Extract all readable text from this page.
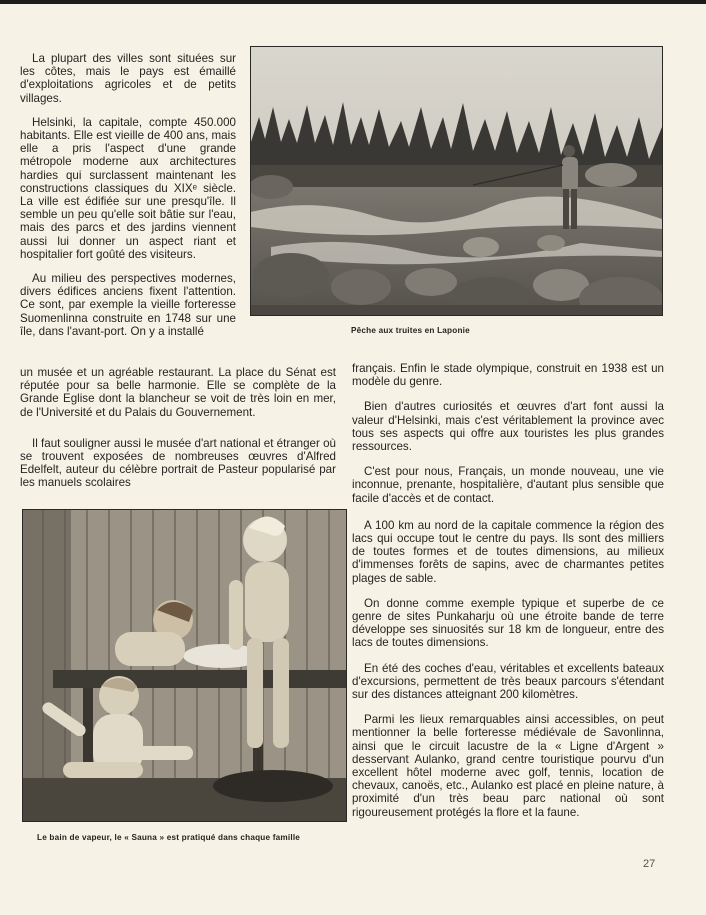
La plupart des villes sont situées sur les côtes, mais le pays est émaillé d'exploitations agricoles et de petits villages.

Helsinki, la capitale, compte 450.000 habitants. Elle est vieille de 400 ans, mais elle a pris l'aspect d'une grande métropole moderne aux architectures hardies qui surclassent maintenant les constructions classiques du XIXᵉ siècle. La ville est édifiée sur une presqu'île. Il semble un peu qu'elle soit bâtie sur l'eau, mais des parcs et des jardins viennent aussi lui donner un aspect riant et hospitalier fort goûté des visiteurs.

Au milieu des perspectives modernes, divers édifices anciens fixent l'attention. Ce sont, par exemple la vieille forteresse Suomenlinna construite en 1748 sur une île, dans l'avant-port. On y a installé	Pêche aux truites en Laponie

un musée et un agréable restaurant. La place du Sénat est réputée pour sa belle harmonie. Elle se complète de la Grande Eglise dont la blancheur se voit de très loin en mer, de l'Université et du Palais du Gouvernement.

Il faut souligner aussi le musée d'art national et étranger où se trouvent exposées de nombreuses œuvres d'Alfred Edelfelt, auteur du célèbre portrait de Pasteur popularisé par les manuels scolaires

français. Enfin le stade olympique, construit en 1938 est un modèle du genre.

Bien d'autres curiosités et œuvres d'art font aussi la valeur d'Helsinki, mais c'est véritablement la province avec tous ses aspects qui offre aux touristes les plus grandes ressources.

C'est pour nous, Français, un monde nouveau, une vie inconnue, prenante, hospitalière, d'autant plus sensible que facile d'accès et de contact.

A 100 km au nord de la capitale commence la région des lacs qui occupe tout le centre du pays. Ils sont des milliers de toutes formes et de toutes dimensions, au milieux d'immenses forêts de sapins, avec de charmantes petites plages de sable.

On donne comme exemple typique et superbe de ce genre de sites Punkaharju où une étroite bande de terre développe ses sinuosités sur 18 km de longueur, entre des lacs de toutes dimensions.

En été des coches d'eau, véritables et excellents bateaux d'excursions, permettent de très beaux parcours s'étendant sur des distances atteignant 200 kilomètres.

Parmi les lieux remarquables ainsi accessibles, on peut mentionner la belle forteresse médiévale de Savonlinna, ainsi que le circuit lacustre de la « Ligne d'Argent » desservant Aulanko, grand centre touristique pourvu d'un excellent hôtel moderne avec golf, tennis, location de chevaux, canoës, etc., Aulanko est placé en pleine nature, à proximité d'un très beau parc national où sont rigoureusement protégés la flore et la faune.

Le bain de vapeur, le « Sauna » est pratiqué dans chaque famille

27
